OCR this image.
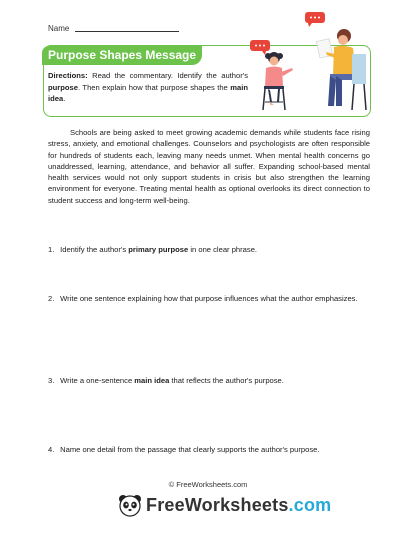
Name
Purpose Shapes Message
Directions: Read the commentary. Identify the author's purpose. Then explain how that purpose shapes the main idea.

Schools are being asked to meet growing academic demands while students face rising stress, anxiety, and emotional challenges. Counselors and psychologists are often responsible for hundreds of students each, leaving many needs unmet. When mental health concerns go unaddressed, learning, attendance, and behavior all suffer. Expanding school-based mental health services would not only support students in crisis but also strengthen the learning environment for everyone. Treating mental health as optional overlooks its direct connection to student success and long-term well-being.

1. Identify the author's primary purpose in one clear phrase.
2. Write one sentence explaining how that purpose influences what the author emphasizes.
3. Write a one-sentence main idea that reflects the author's purpose.
4. Name one detail from the passage that clearly supports the author's purpose.
© FreeWorksheets.com
FreeWorksheets.com
